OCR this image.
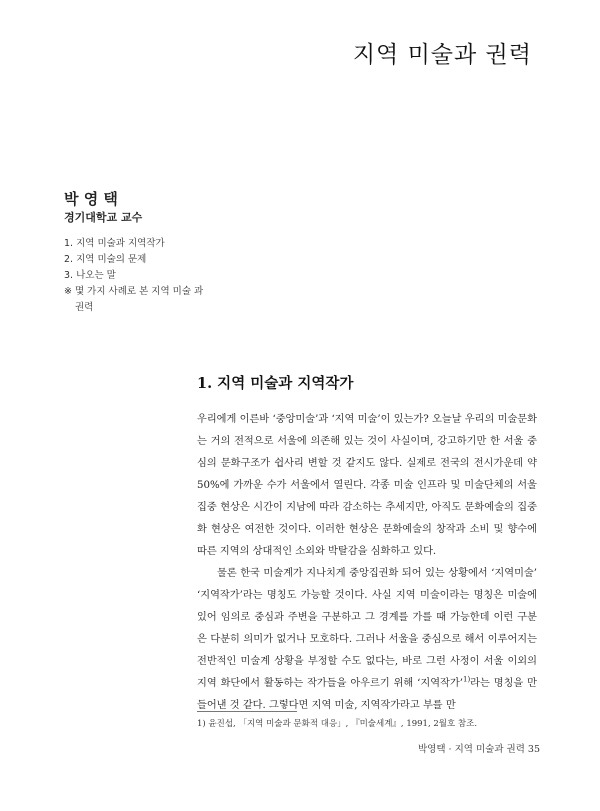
지역 미술과 권력
박 영 택
경기대학교 교수
1. 지역 미술과 지역작가
2. 지역 미술의 문제
3. 나오는 말
※ 몇 가지 사례로 본 지역 미술 과 권력
1. 지역 미술과 지역작가

우리에게 이른바 ‘중앙미술’과 ‘지역 미술’이 있는가? 오늘날 우리의 미술문화는 거의 전적으로 서울에 의존해 있는 것이 사실이며, 강고하기만 한 서울 중심의 문화구조가 쉽사리 변할 것 같지도 않다. 실제로 전국의 전시가운데 약 50%에 가까운 수가 서울에서 열린다. 각종 미술 인프라 및 미술단체의 서울 집중 현상은 시간이 지남에 따라 감소하는 추세지만, 아직도 문화예술의 집중화 현상은 여전한 것이다. 이러한 현상은 문화예술의 창작과 소비 및 향수에 따른 지역의 상대적인 소외와 박탈감을 심화하고 있다.

물론 한국 미술계가 지나치게 중앙집권화 되어 있는 상황에서 ‘지역미술’ ‘지역작가’라는 명칭도 가능할 것이다. 사실 지역 미술이라는 명칭은 미술에 있어 임의로 중심과 주변을 구분하고 그 경계를 가를 때 가능한데 이런 구분은 다분히 의미가 없거나 모호하다. 그러나 서울을 중심으로 해서 이루어지는 전반적인 미술계 상황을 부정할 수도 없다는, 바로 그런 사정이 서울 이외의 지역 화단에서 활동하는 작가들을 아우르기 위해 ‘지역작가’$^{1)}$라는 명칭을 만들어낸 것 같다. 그렇다면 지역 미술, 지역작가라고 부를 만

1) 윤진섭, 「지역 미술과 문화적 대응」, 『미술세계』, 1991, 2월호 참조.
박영택 · 지역 미술과 권력 35
